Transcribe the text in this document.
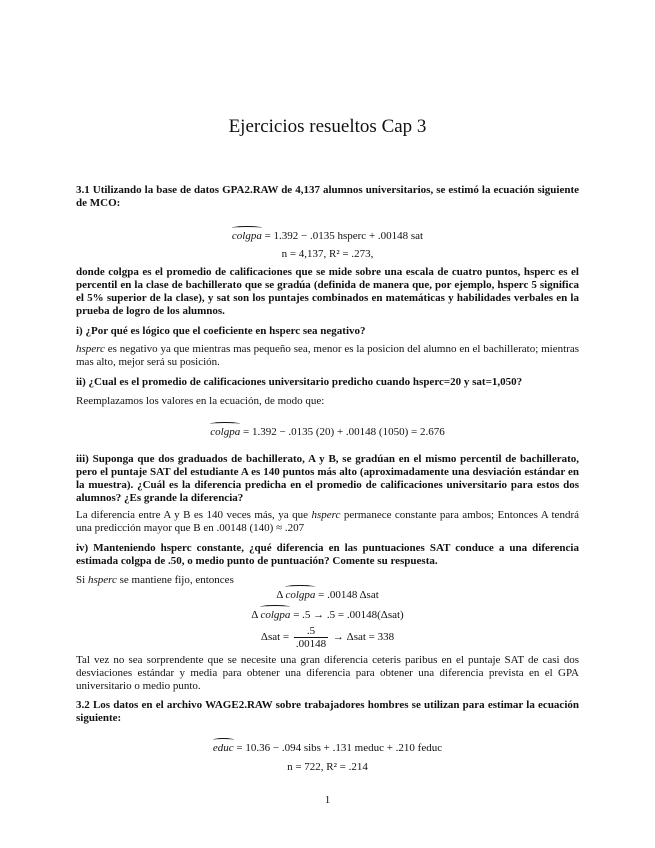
Ejercicios resueltos Cap 3
3.1 Utilizando la base de datos GPA2.RAW de 4,137 alumnos universitarios, se estimó la ecuación siguiente de MCO:
colgpa = 1.392 − .0135 hsperc + .00148 sat
n = 4,137, R² = .273,
donde colgpa es el promedio de calificaciones que se mide sobre una escala de cuatro puntos, hsperc es el percentil en la clase de bachillerato que se gradúa (definida de manera que, por ejemplo, hsperc 5 significa el 5% superior de la clase), y sat son los puntajes combinados en matemáticas y habilidades verbales en la prueba de logro de los alumnos.
i) ¿Por qué es lógico que el coeficiente en hsperc sea negativo?
hsperc es negativo ya que mientras mas pequeño sea, menor es la posicion del alumno en el bachillerato; mientras mas alto, mejor será su posición.
ii) ¿Cual es el promedio de calificaciones universitario predicho cuando hsperc=20 y sat=1,050?
Reemplazamos los valores en la ecuación, de modo que:
colgpa = 1.392 − .0135 (20) + .00148 (1050) = 2.676
iii) Suponga que dos graduados de bachillerato, A y B, se gradúan en el mismo percentil de bachillerato, pero el puntaje SAT del estudiante A es 140 puntos más alto (aproximadamente una desviación estándar en la muestra). ¿Cuál es la diferencia predicha en el promedio de calificaciones universitario para estos dos alumnos? ¿Es grande la diferencia?
La diferencia entre A y B es 140 veces más, ya que hsperc permanece constante para ambos; Entonces A tendrá una predicción mayor que B en .00148 (140) ≈ .207
iv) Manteniendo hsperc constante, ¿qué diferencia en las puntuaciones SAT conduce a una diferencia estimada colgpa de .50, o medio punto de puntuación? Comente su respuesta.
Si hsperc se mantiene fijo, entonces
Δ colgpa = .00148 Δsat
Δ colgpa = .5 → .5 = .00148(Δsat)
$\Delta sat = \frac{.5}{.00148} \to \Delta sat = 338$
Tal vez no sea sorprendente que se necesite una gran diferencia ceteris paribus en el puntaje SAT de casi dos desviaciones estándar y media para obtener una diferencia para obtener una diferencia prevista en el GPA universitario o medio punto.
3.2 Los datos en el archivo WAGE2.RAW sobre trabajadores hombres se utilizan para estimar la ecuación siguiente:
educ = 10.36 − .094 sibs + .131 meduc + .210 feduc
n = 722, R² = .214
1
